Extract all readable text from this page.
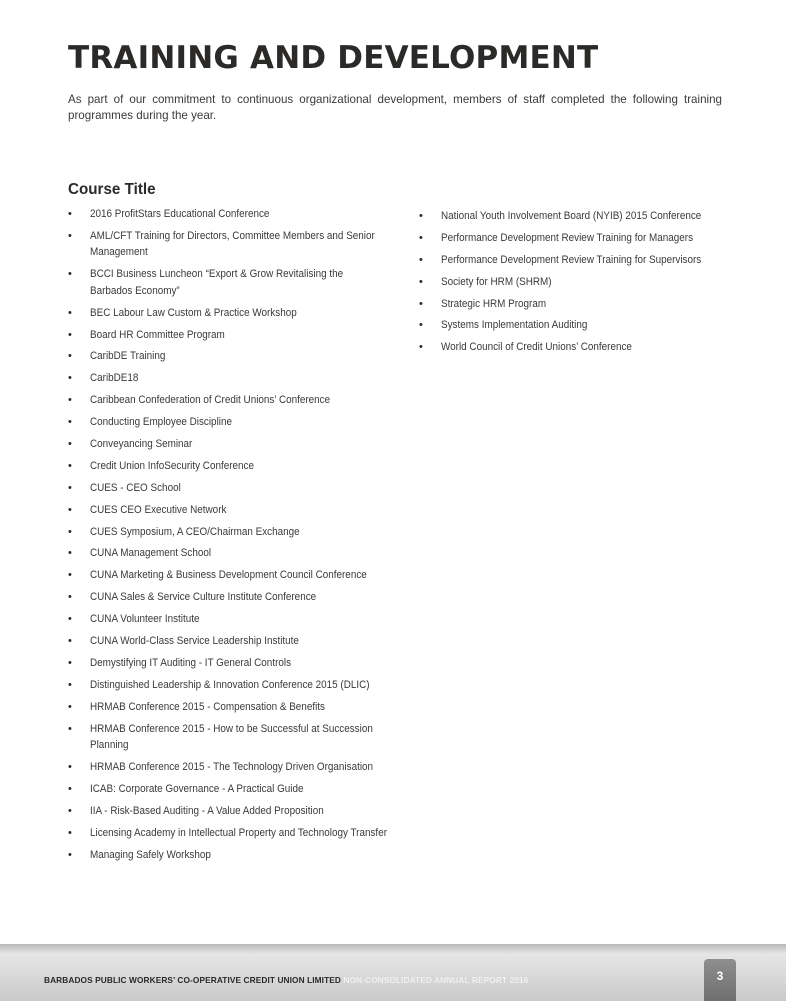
TRAINING AND DEVELOPMENT

As part of our commitment to continuous organizational development, members of staff completed the following training programmes during the year.

Course Title
•	2016 ProfitStars Educational Conference
•	AML/CFT Training for Directors, Committee Members and Senior Management
•	BCCI Business Luncheon “Export & Grow Revitalising the Barbados Economy”
•	BEC Labour Law Custom & Practice Workshop
•	Board HR Committee Program
•	CaribDE Training
•	CaribDE18
•	Caribbean Confederation of Credit Unions’ Conference
•	Conducting Employee Discipline
•	Conveyancing Seminar
•	Credit Union InfoSecurity Conference
•	CUES - CEO School
•	CUES CEO Executive Network
•	CUES Symposium, A CEO/Chairman Exchange
•	CUNA Management School
•	CUNA Marketing & Business Development Council Conference
•	CUNA Sales & Service Culture Institute Conference
•	CUNA Volunteer Institute
•	CUNA World-Class Service Leadership Institute
•	Demystifying IT Auditing - IT General Controls
•	Distinguished Leadership & Innovation Conference 2015 (DLIC)
•	HRMAB Conference 2015 - Compensation & Benefits
•	HRMAB Conference 2015 - How to be Successful at Succession Planning
•	HRMAB Conference 2015 - The Technology Driven Organisation
•	ICAB: Corporate Governance - A Practical Guide
•	IIA - Risk-Based Auditing - A Value Added Proposition
•	Licensing Academy in Intellectual Property and Technology Transfer
•	Managing Safely Workshop
•	National Youth Involvement Board (NYIB) 2015 Conference
•	Performance Development Review Training for Managers
•	Performance Development Review Training for Supervisors
•	Society for HRM (SHRM)
•	Strategic HRM Program
•	Systems Implementation Auditing
•	World Council of Credit Unions’ Conference
BARBADOS PUBLIC WORKERS’ CO-OPERATIVE CREDIT UNION LIMITED NON-CONSOLIDATED ANNUAL REPORT 2016	3
